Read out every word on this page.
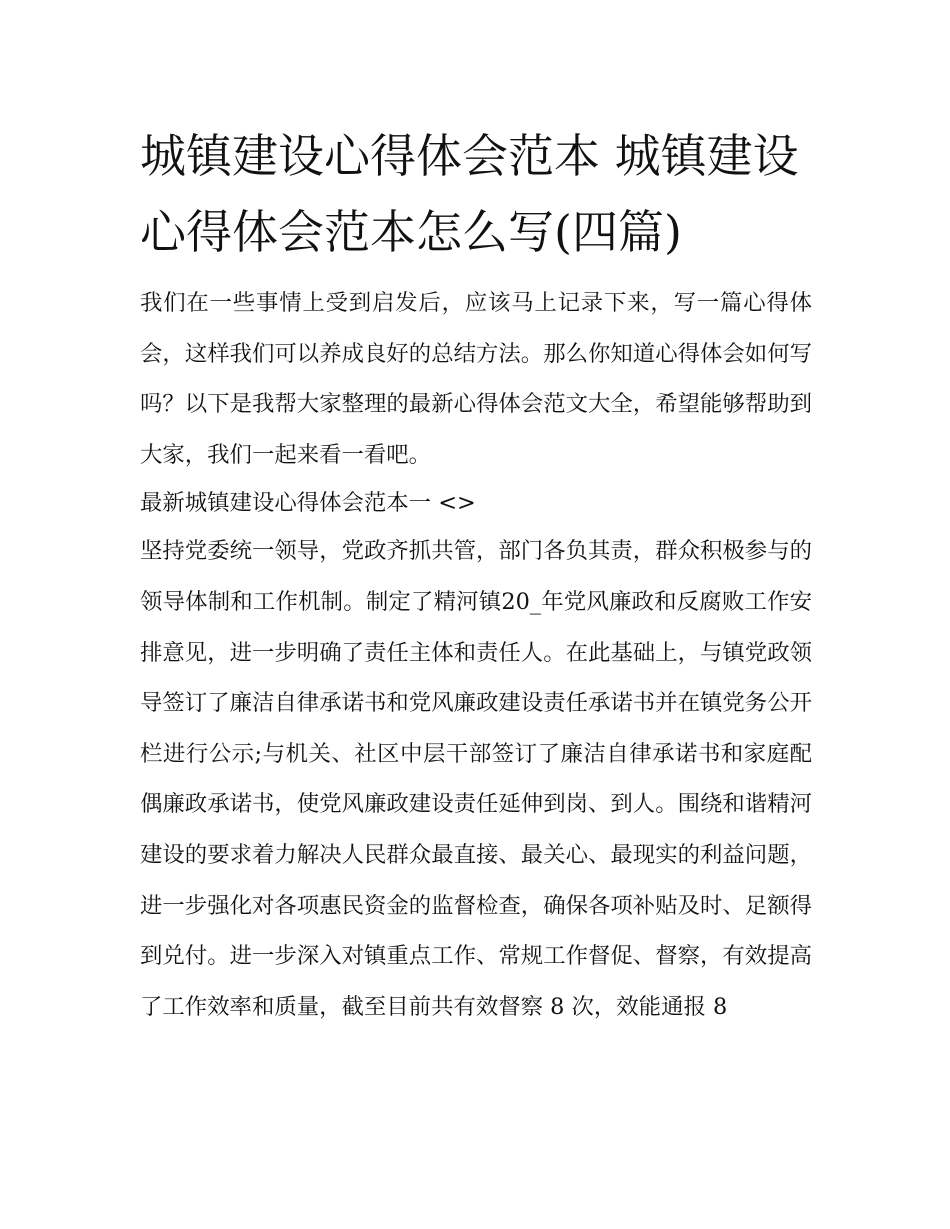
城镇建设心得体会范本 城镇建设心得体会范本怎么写(四篇)

我们在一些事情上受到启发后，应该马上记录下来，写一篇心得体会，这样我们可以养成良好的总结方法。那么你知道心得体会如何写吗？以下是我帮大家整理的最新心得体会范文大全，希望能够帮助到大家，我们一起来看一看吧。

最新城镇建设心得体会范本一 <>

坚持党委统一领导，党政齐抓共管，部门各负其责，群众积极参与的领导体制和工作机制。制定了精河镇20_年党风廉政和反腐败工作安排意见，进一步明确了责任主体和责任人。在此基础上，与镇党政领导签订了廉洁自律承诺书和党风廉政建设责任承诺书并在镇党务公开栏进行公示;与机关、社区中层干部签订了廉洁自律承诺书和家庭配偶廉政承诺书，使党风廉政建设责任延伸到岗、到人。围绕和谐精河建设的要求着力解决人民群众最直接、最关心、最现实的利益问题，进一步强化对各项惠民资金的监督检查，确保各项补贴及时、足额得到兑付。进一步深入对镇重点工作、常规工作督促、督察，有效提高了工作效率和质量，截至目前共有效督察 8 次，效能通报 8
